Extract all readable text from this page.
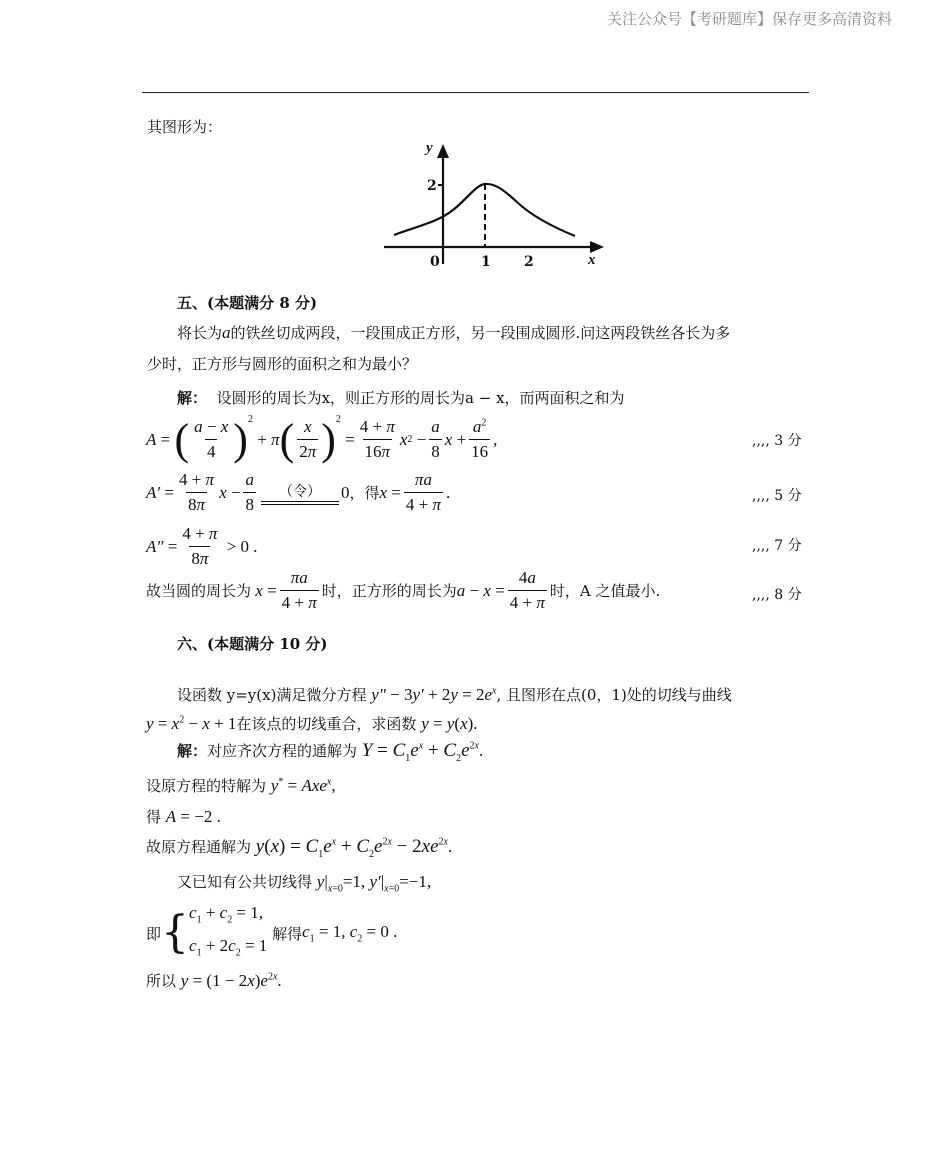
关注公众号【考研题库】保存更多高清资料
其图形为：
y
2
x
0	1 2
五、(本题满分 8 分)
将长为a的铁丝切成两段，一段围成正方形，另一段围成圆形.问这两段铁丝各长为多
少时，正方形与圆形的面积之和为最小？
解： 设圆形的周长为x，则正方形的周长为a − x，而两面积之和为
A = ( $\frac{a - x}{4} )^2$
+ π ( $\frac{x}{2\pi} )^2$
= $\frac{4 + \pi}{16\pi}$ x $2 - \frac{a}{8}$ $x + \frac{a^2}{16}$ ,	,,,, 3 分
$A' = \frac{4 + \pi}{8\pi}$ $x - \frac{a}{8}$ （令） 0 ，得 $x = \frac{\pi a}{4 + \pi}$ .	,,,, 5 分
$A'' = \frac{4 + \pi}{8\pi} > 0$ .	,,,, 7 分
故当圆的周长为 $x = \frac{\pi a}{4 + \pi}$ 时，正方形的周长为 $a - x = \frac{4a}{4 + \pi}$ 时，A 之值最小.	,,,, 8 分
六、(本题满分 10 分)
设函数 y=y(x)满足微分方程 $y'' - 3y' + 2y = 2e^x$, 且图形在点(0，1)处的切线与曲线
$y = x^2 - x + 1$在该点的切线重合，求函数 y = y(x).
解：对应齐次方程的通解为 $Y = C_1e^x + C_2e^{2x}$.
设原方程的特解为 y* = Axe$^x$,
得 A = −2 .
故原方程通解为 $y(x) = C_1e^x + C_2e^{2x} - 2xe^{2x}$.
又已知有公共切线得 $y|_{x=0}=1$, $y'|_{x=0}=-1$,
即 { $c_1 + c_2 = 1$,
$c_1 + 2c_2 = 1$

解得 $c_1 = 1$, $c_2 = 0$ .
所以 $y = (1 - 2x)e^{2x}$.
